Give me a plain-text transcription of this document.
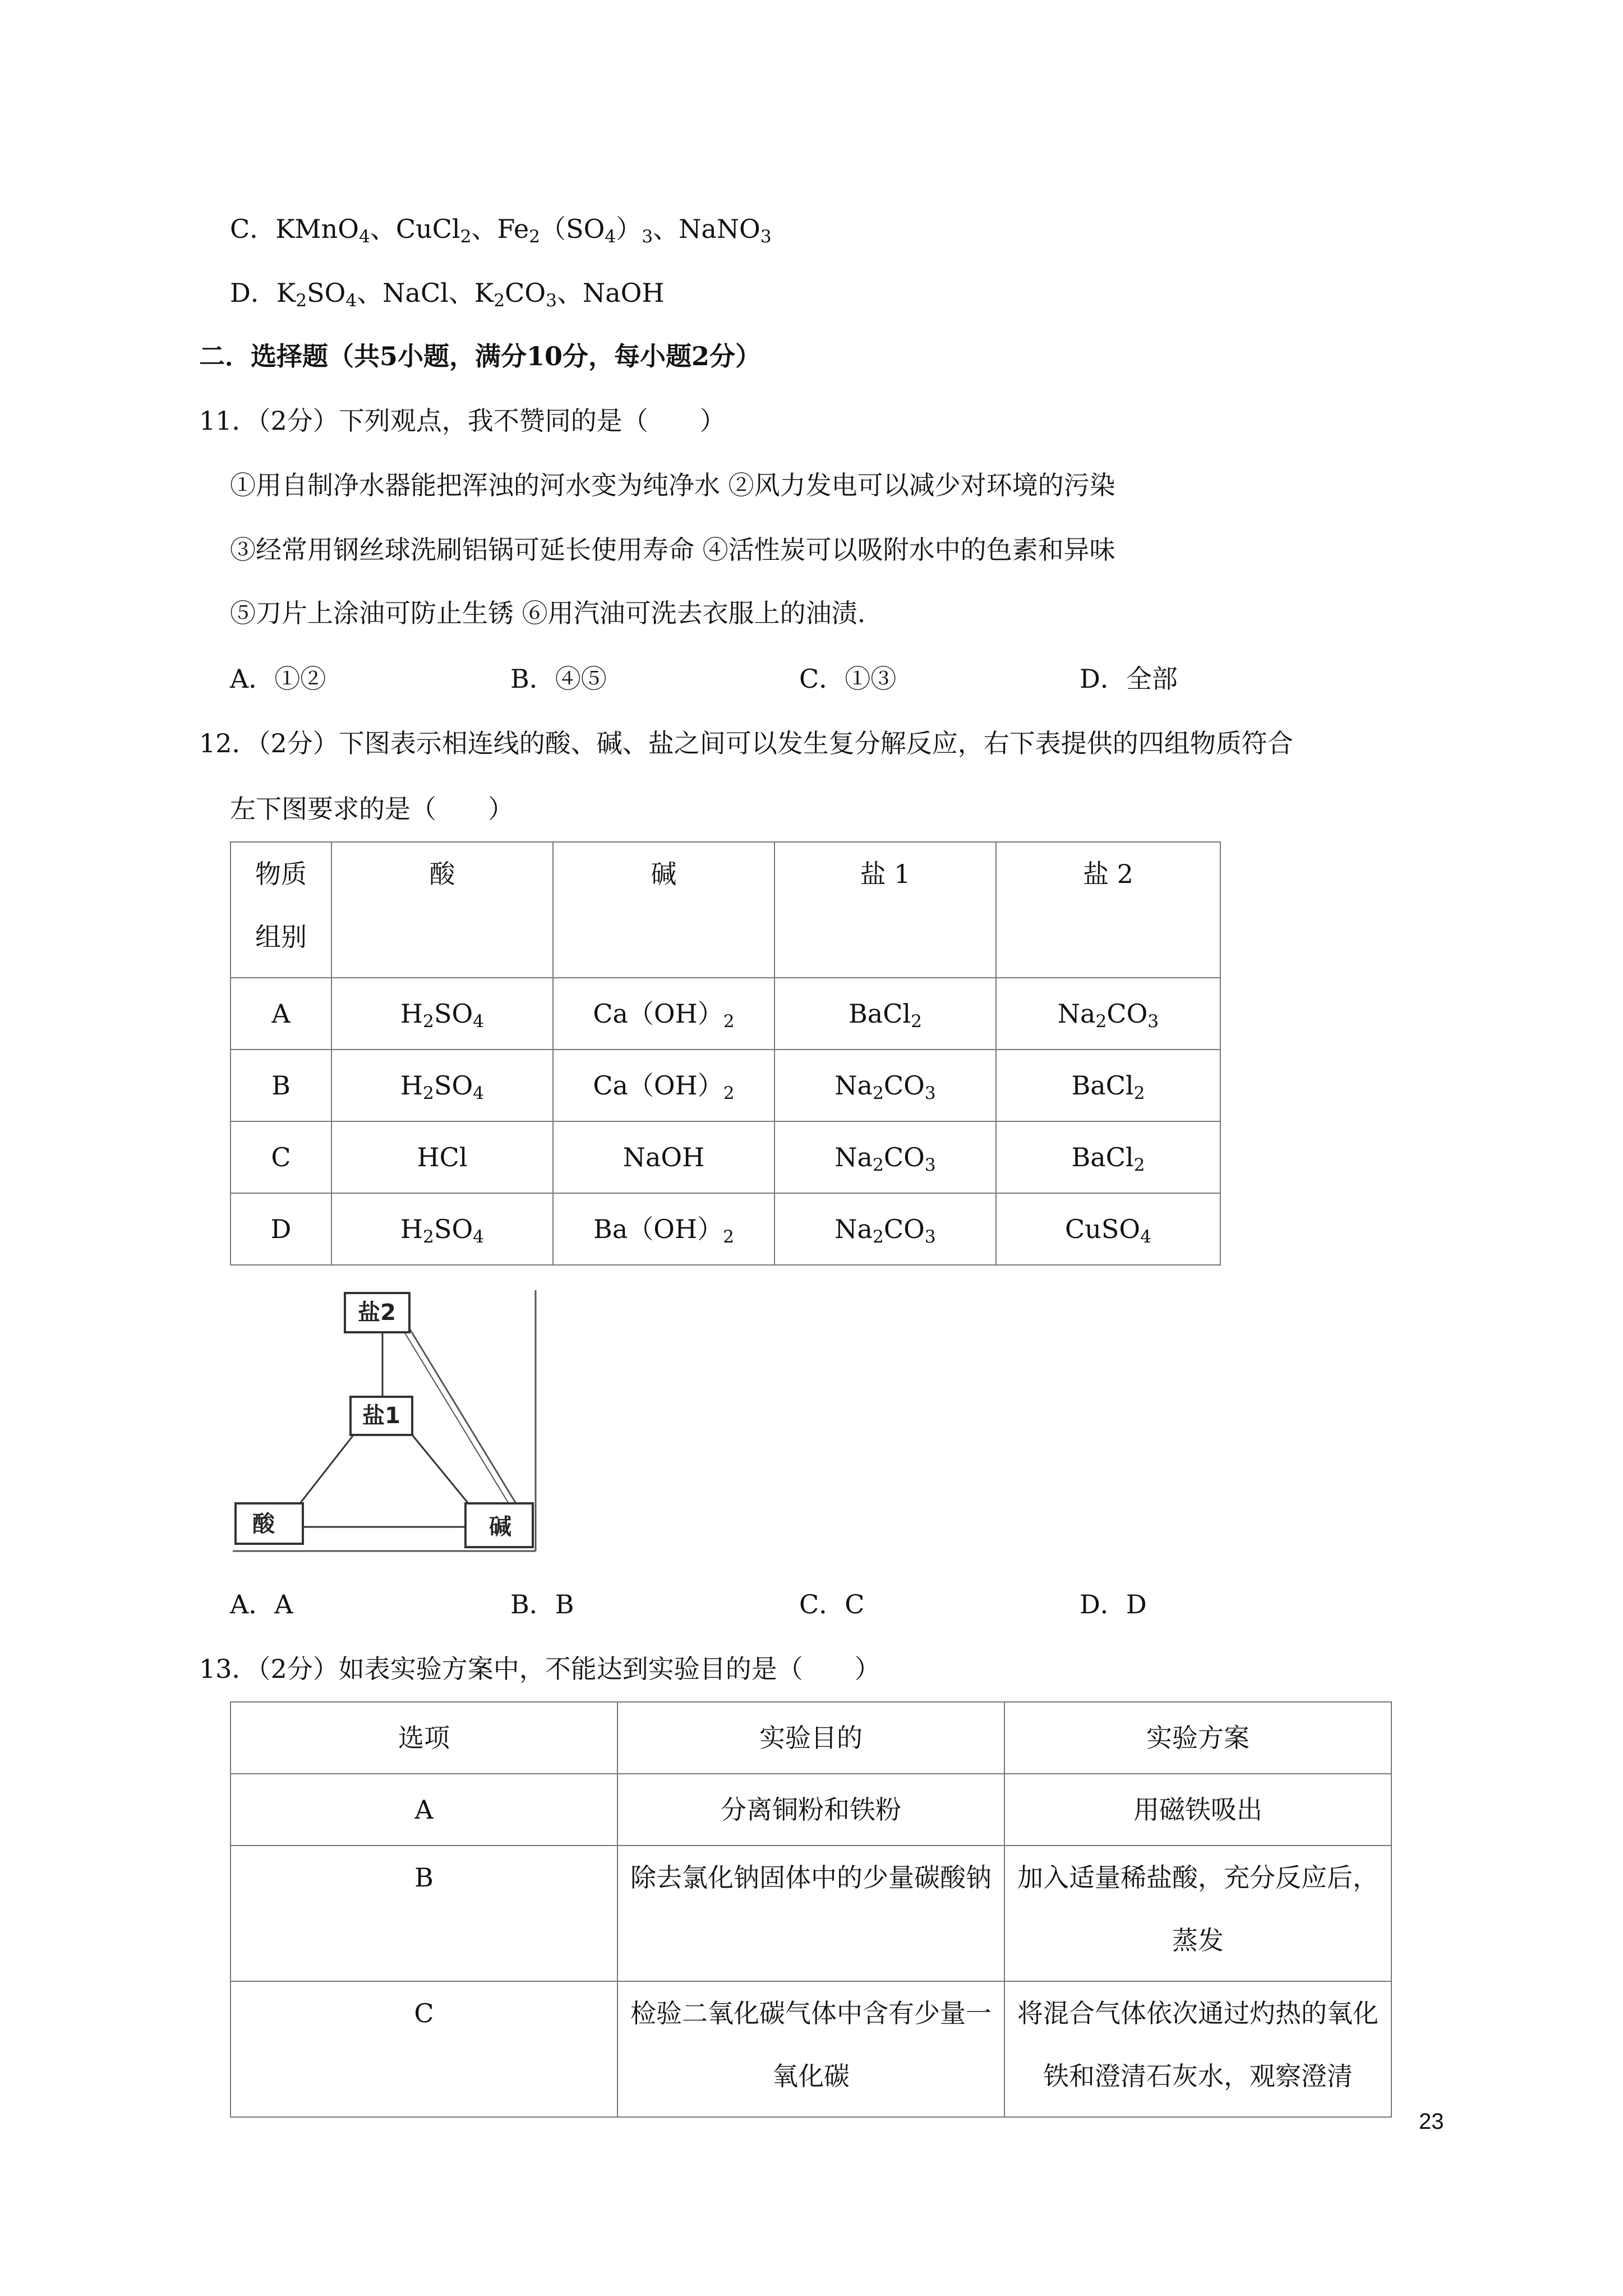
C．KMnO$_4$、CuCl$_2$、$Fe_2(SO_4)_3$、NaNO$_3$
D．$K_2SO_4$、NaCl、$K_2CO_3$、NaOH
二．选择题（共5小题，满分10分，每小题2分）
11．（2分）下列观点，我不赞同的是（　　）
①用自制净水器能把浑浊的河水变为纯净水 ②风力发电可以减少对环境的污染
③经常用钢丝球洗刷铝锅可延长使用寿命 ④活性炭可以吸附水中的色素和异味
⑤刀片上涂油可防止生锈 ⑥用汽油可洗去衣服上的油渍.
A．①②	B．④⑤	C．①③	D．全部
12．（2分）下图表示相连线的酸、碱、盐之间可以发生复分解反应，右下表提供的四组物质符合
左下图要求的是（　　）
物质
组别	酸	碱	盐 1	盐 2
A	$H_2SO_4$	$Ca(OH)_2$	BaCl$_2$	$Na_2CO_3$
B	$H_2SO_4$	$Ca(OH)_2$	$Na_2CO_3$	BaCl$_2$
C	HCl	NaOH	$Na_2CO_3$	BaCl$_2$
D	$H_2SO_4$	$Ba(OH)_2$	$Na_2CO_3$	CuSO$_4$
盐2
盐1
酸	碱
A．A	B．B	C．C	D．D
13．（2分）如表实验方案中，不能达到实验目的是（　　）
选项	实验目的	实验方案
A	分离铜粉和铁粉	用磁铁吸出
B	除去氯化钠固体中的少量碳酸钠	加入适量稀盐酸，充分反应后，蒸发
C	检验二氧化碳气体中含有少量一氧化碳	将混合气体依次通过灼热的氧化铁和澄清石灰水，观察澄清
23
